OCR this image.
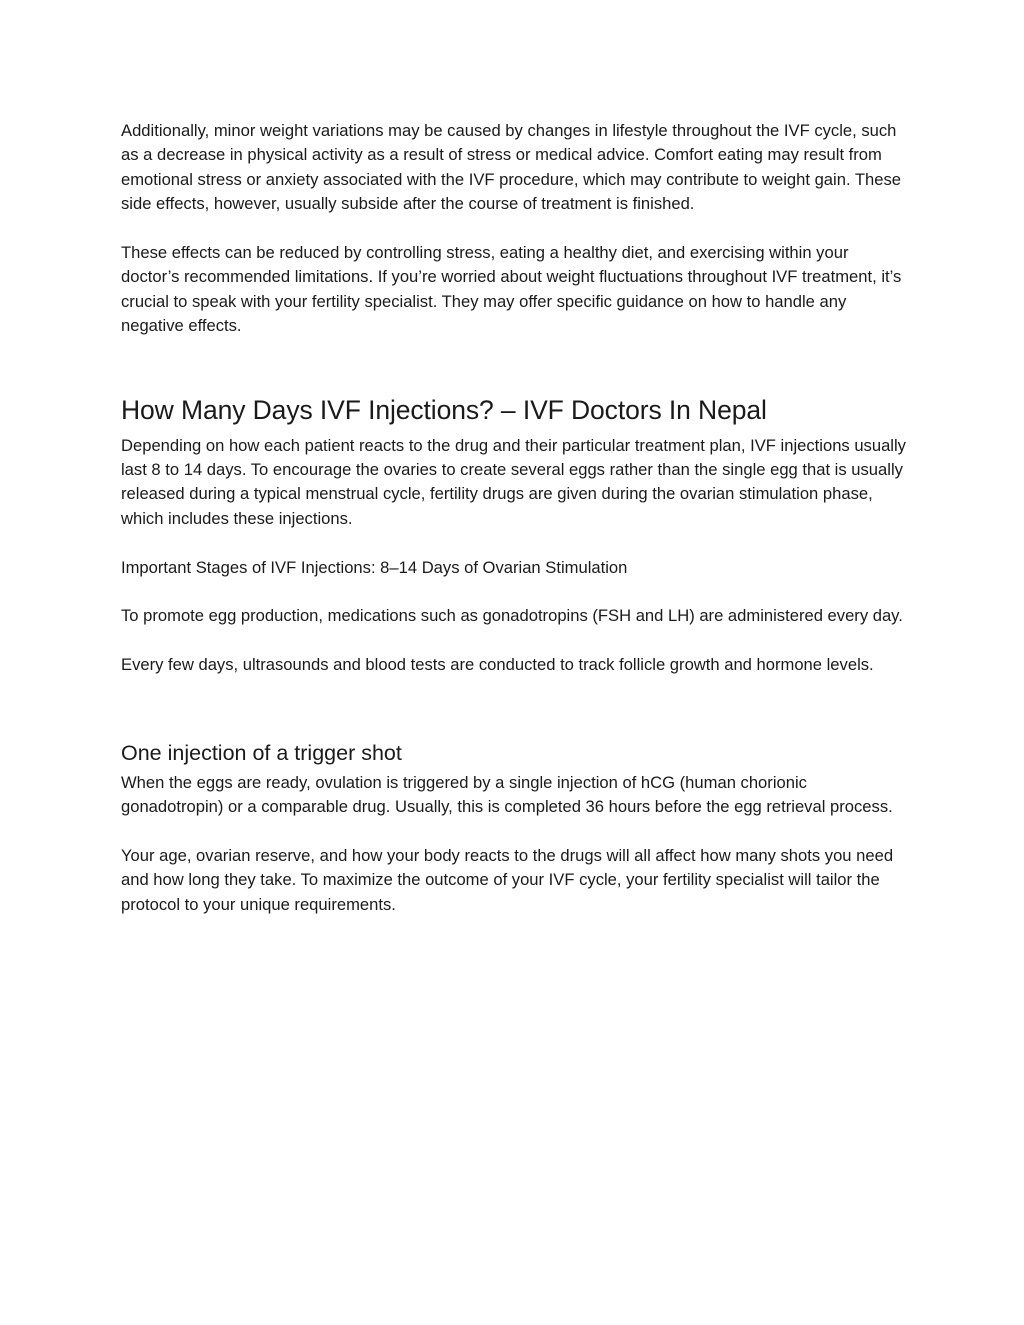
Additionally, minor weight variations may be caused by changes in lifestyle throughout the IVF cycle, such as a decrease in physical activity as a result of stress or medical advice. Comfort eating may result from emotional stress or anxiety associated with the IVF procedure, which may contribute to weight gain. These side effects, however, usually subside after the course of treatment is finished.

These effects can be reduced by controlling stress, eating a healthy diet, and exercising within your doctor’s recommended limitations. If you’re worried about weight fluctuations throughout IVF treatment, it’s crucial to speak with your fertility specialist. They may offer specific guidance on how to handle any negative effects.

How Many Days IVF Injections? – IVF Doctors In Nepal

Depending on how each patient reacts to the drug and their particular treatment plan, IVF injections usually last 8 to 14 days. To encourage the ovaries to create several eggs rather than the single egg that is usually released during a typical menstrual cycle, fertility drugs are given during the ovarian stimulation phase, which includes these injections.

Important Stages of IVF Injections: 8–14 Days of Ovarian Stimulation

To promote egg production, medications such as gonadotropins (FSH and LH) are administered every day.

Every few days, ultrasounds and blood tests are conducted to track follicle growth and hormone levels.

One injection of a trigger shot

When the eggs are ready, ovulation is triggered by a single injection of hCG (human chorionic gonadotropin) or a comparable drug. Usually, this is completed 36 hours before the egg retrieval process.

Your age, ovarian reserve, and how your body reacts to the drugs will all affect how many shots you need and how long they take. To maximize the outcome of your IVF cycle, your fertility specialist will tailor the protocol to your unique requirements.
